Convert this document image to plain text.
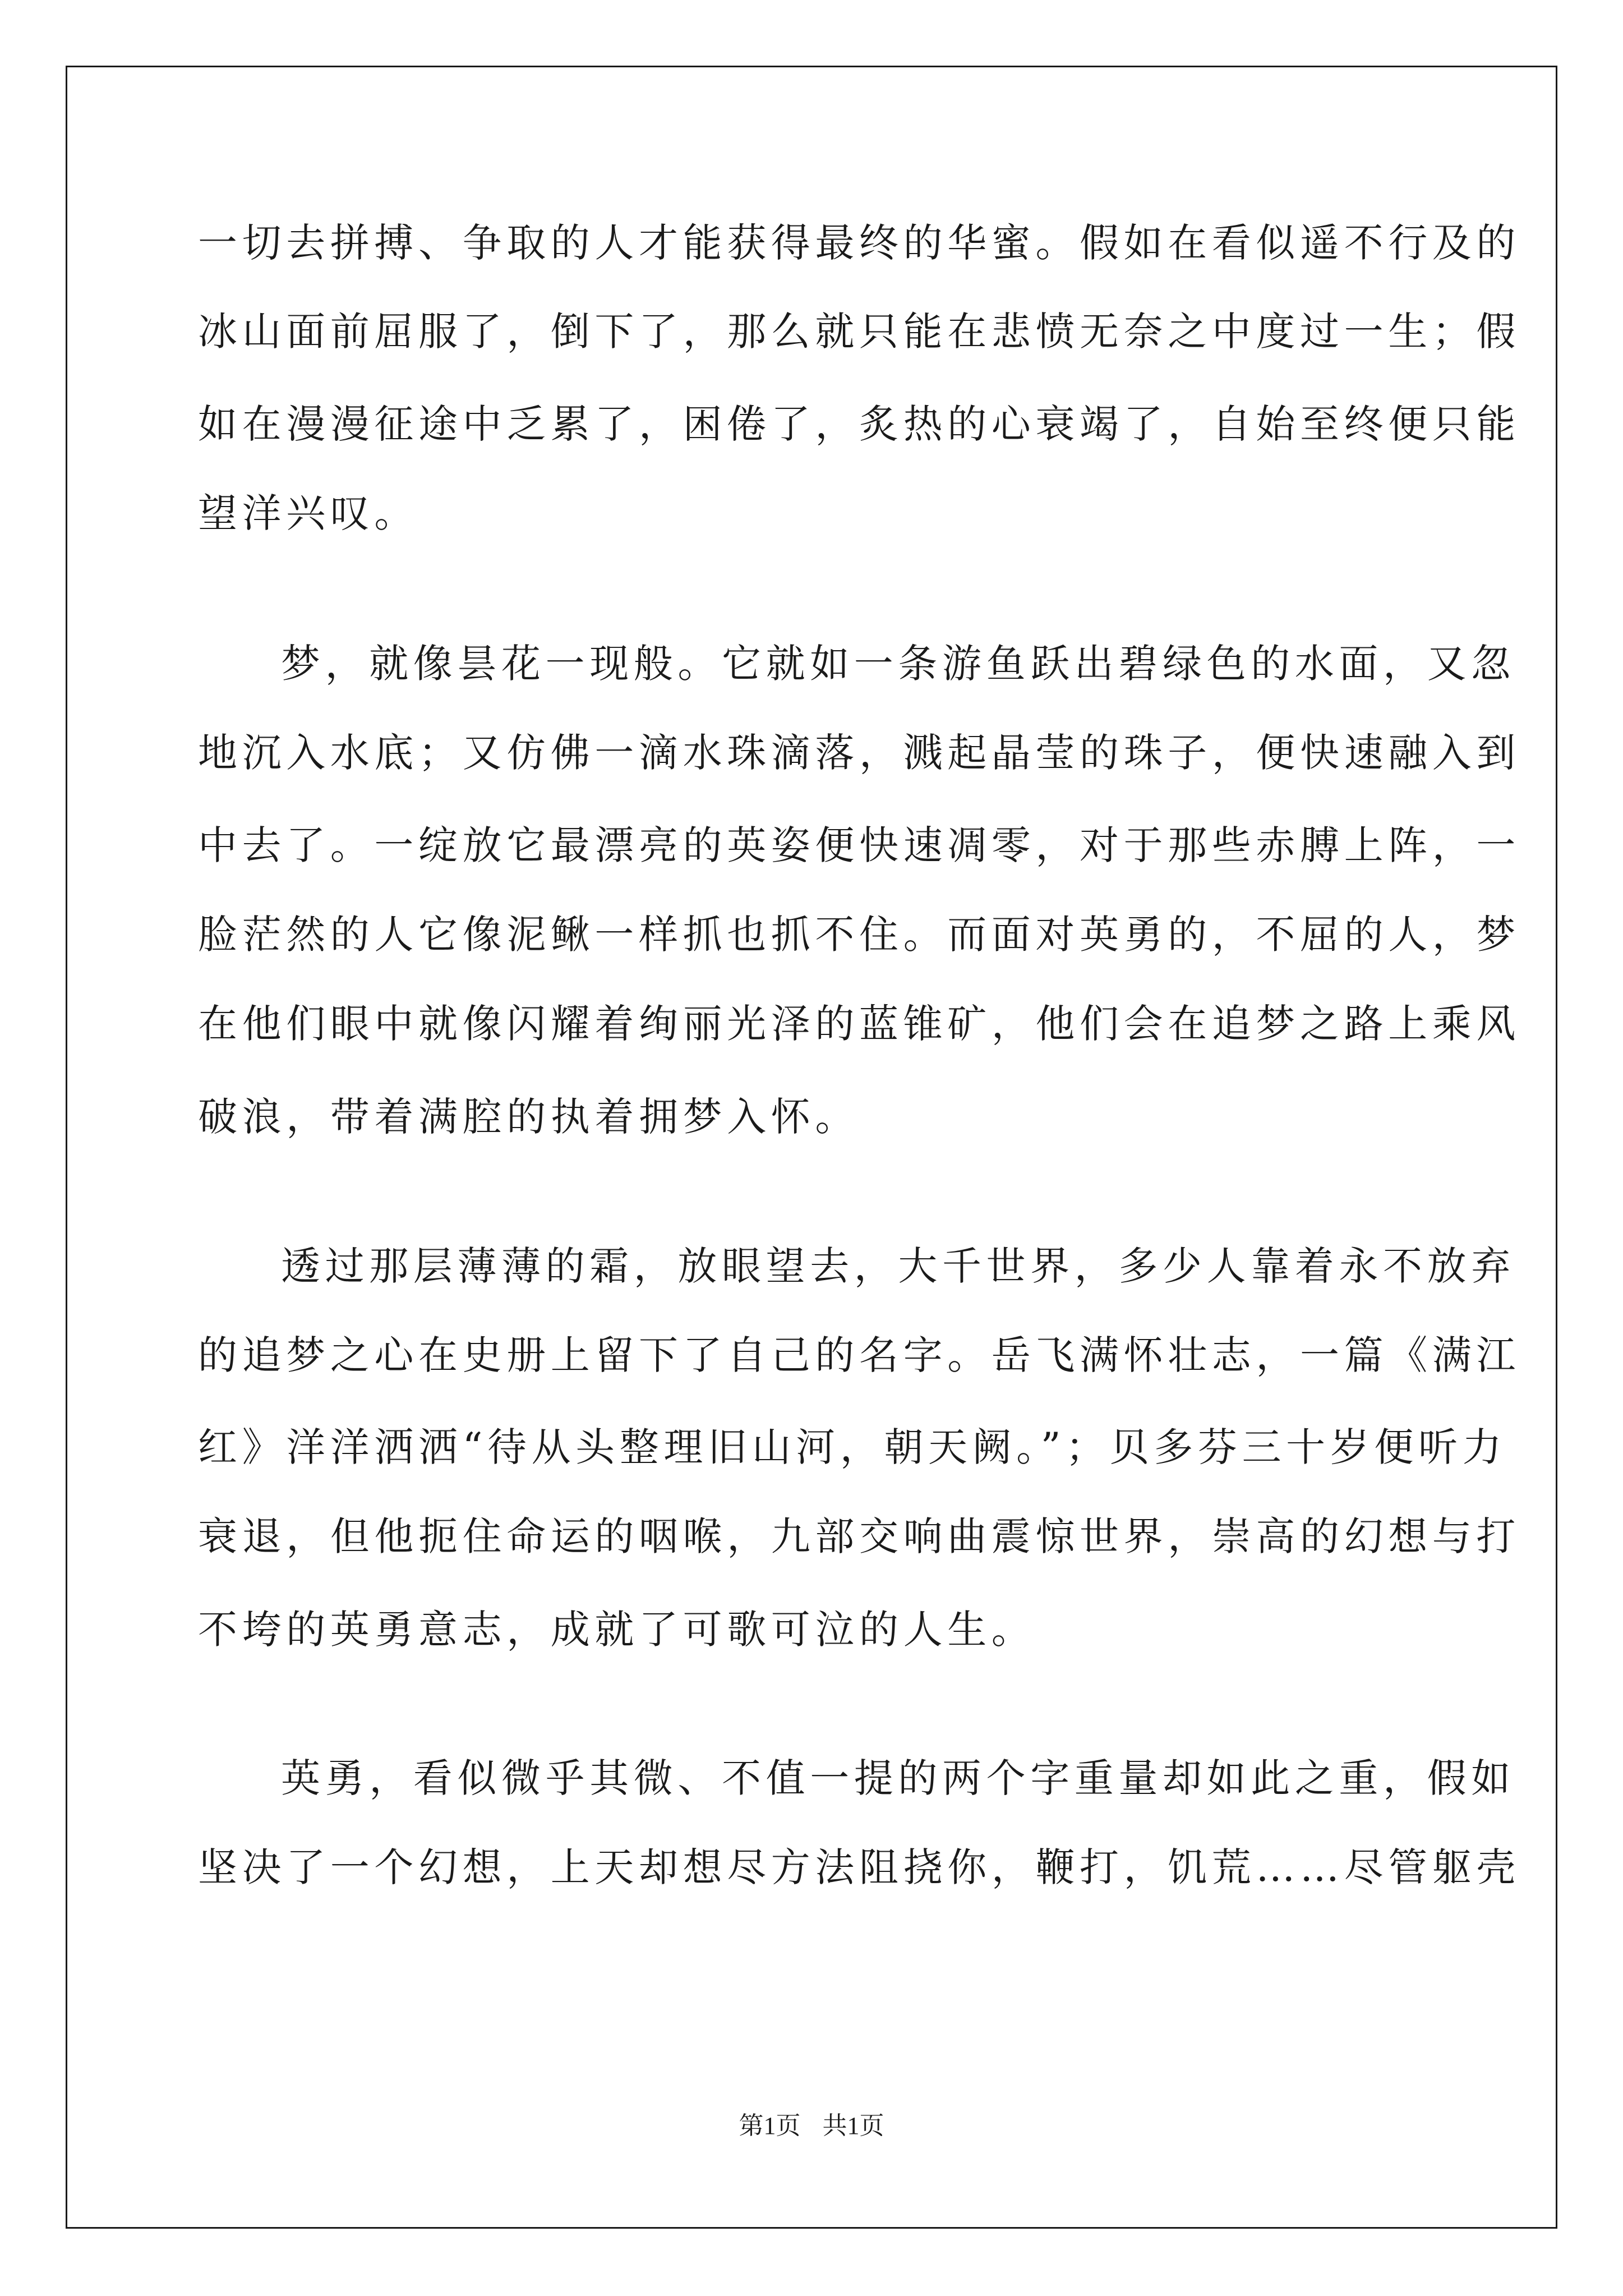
一切去拼搏、争取的人才能获得最终的华蜜。假如在看似遥不行及的
冰山面前屈服了，倒下了，那么就只能在悲愤无奈之中度过一生；假
如在漫漫征途中乏累了，困倦了，炙热的心衰竭了，自始至终便只能
望洋兴叹。
梦，就像昙花一现般。它就如一条游鱼跃出碧绿色的水面，又忽
地沉入水底；又仿佛一滴水珠滴落，溅起晶莹的珠子，便快速融入到
中去了。一绽放它最漂亮的英姿便快速凋零，对于那些赤膊上阵，一
脸茫然的人它像泥鳅一样抓也抓不住。而面对英勇的，不屈的人，梦
在他们眼中就像闪耀着绚丽光泽的蓝锥矿，他们会在追梦之路上乘风
破浪，带着满腔的执着拥梦入怀。
透过那层薄薄的霜，放眼望去，大千世界，多少人靠着永不放弃
的追梦之心在史册上留下了自己的名字。岳飞满怀壮志，一篇《满江
红》洋洋洒洒“待从头整理旧山河，朝天阙。”；贝多芬三十岁便听力
衰退，但他扼住命运的咽喉，九部交响曲震惊世界，崇高的幻想与打
不垮的英勇意志，成就了可歌可泣的人生。
英勇，看似微乎其微、不值一提的两个字重量却如此之重，假如
坚决了一个幻想，上天却想尽方法阻挠你，鞭打，饥荒……尽管躯壳
第1页 共1页
